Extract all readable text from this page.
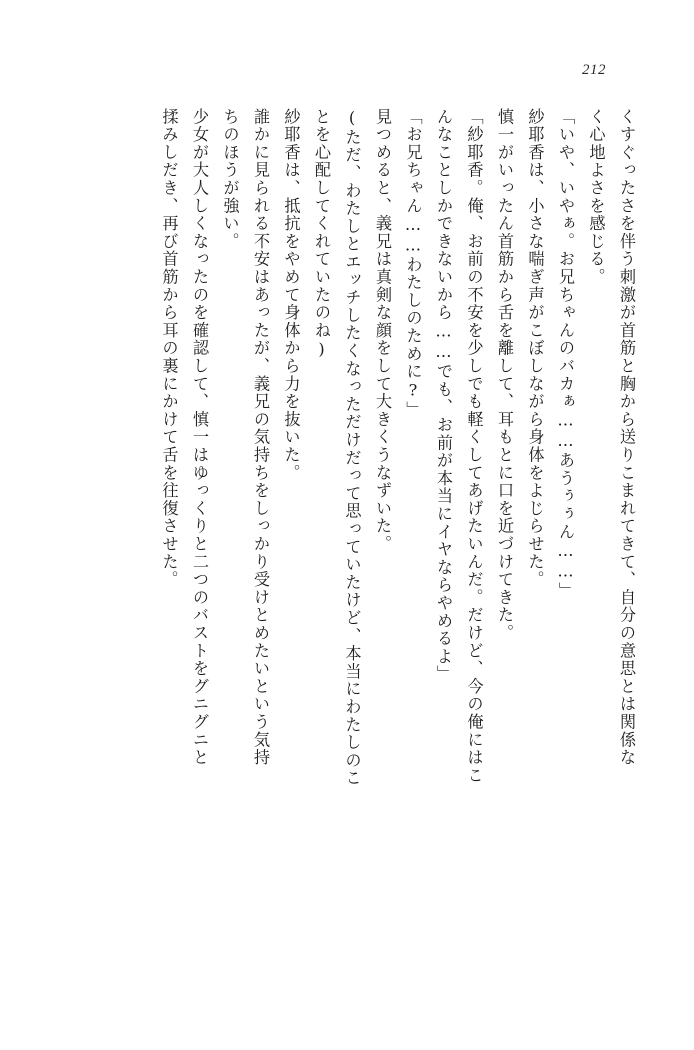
212
くすぐったさを伴う刺激が首筋と胸から送りこまれてきて、自分の意思とは関係な
く心地よさを感じる。
「いや、いやぁ。お兄ちゃんのバカぁ……あうぅぅん……」
紗耶香は、小さな喘ぎ声がこぼしながら身体をよじらせた。
慎一がいったん首筋から舌を離して、耳もとに口を近づけてきた。
「紗耶香。俺、お前の不安を少しでも軽くしてあげたいんだ。だけど、今の俺にはこ
んなことしかできないから……でも、お前が本当にイヤならやめるよ」
「お兄ちゃん……わたしのために?」
見つめると、義兄は真剣な顔をして大きくうなずいた。
(ただ、わたしとエッチしたくなっただけだって思っていたけど、本当にわたしのこ
とを心配してくれていたのね)
紗耶香は、抵抗をやめて身体から力を抜いた。
誰かに見られる不安はあったが、義兄の気持ちをしっかり受けとめたいという気持
ちのほうが強い。
少女が大人しくなったのを確認して、慎一はゆっくりと二つのバストをグニグニと
揉みしだき、再び首筋から耳の裏にかけて舌を往復させた。
